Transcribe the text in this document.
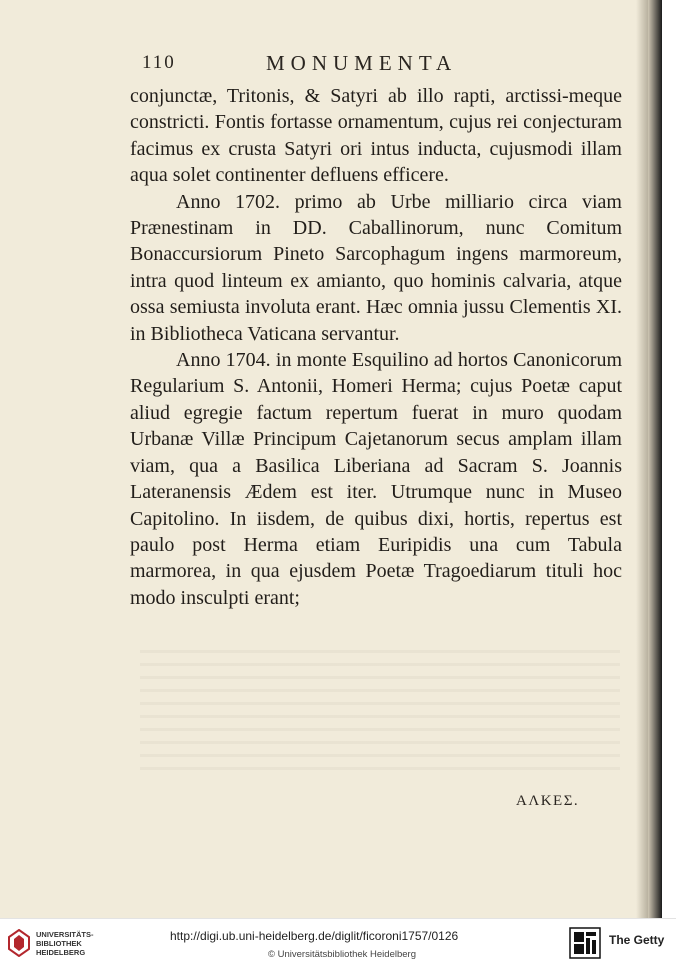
110	MONUMENTA

conjunctæ, Tritonis, & Satyri ab illo rapti, arctissi-meque constricti. Fontis fortasse ornamentum, cujus rei conjecturam facimus ex crusta Satyri ori intus inducta, cujusmodi illam aqua solet continenter defluens efficere.

Anno 1702. primo ab Urbe milliario circa viam Prænestinam in DD. Caballinorum, nunc Comitum Bonaccursiorum Pineto Sarcophagum ingens marmoreum, intra quod linteum ex amianto, quo hominis calvaria, atque ossa semiusta involuta erant. Hæc omnia jussu Clementis XI. in Bibliotheca Vaticana servantur.

Anno 1704. in monte Esquilino ad hortos Canonicorum Regularium S. Antonii, Homeri Herma; cujus Poetæ caput aliud egregie factum repertum fuerat in muro quodam Urbanæ Villæ Principum Cajetanorum secus amplam illam viam, qua a Basilica Liberiana ad Sacram S. Joannis Lateranensis Ædem est iter. Utrumque nunc in Museo Capitolino. In iisdem, de quibus dixi, hortis, repertus est paulo post Herma etiam Euripidis una cum Tabula marmorea, in qua ejusdem Poetæ Tragoediarum tituli hoc modo insculpti erant;

ΑΛΚΕΣ.
UNIVERSITÄTS-
BIBLIOTHEK
HEIDELBERG
http://digi.ub.uni-heidelberg.de/diglit/ficoroni1757/0126
© Universitätsbibliothek Heidelberg
The Getty
